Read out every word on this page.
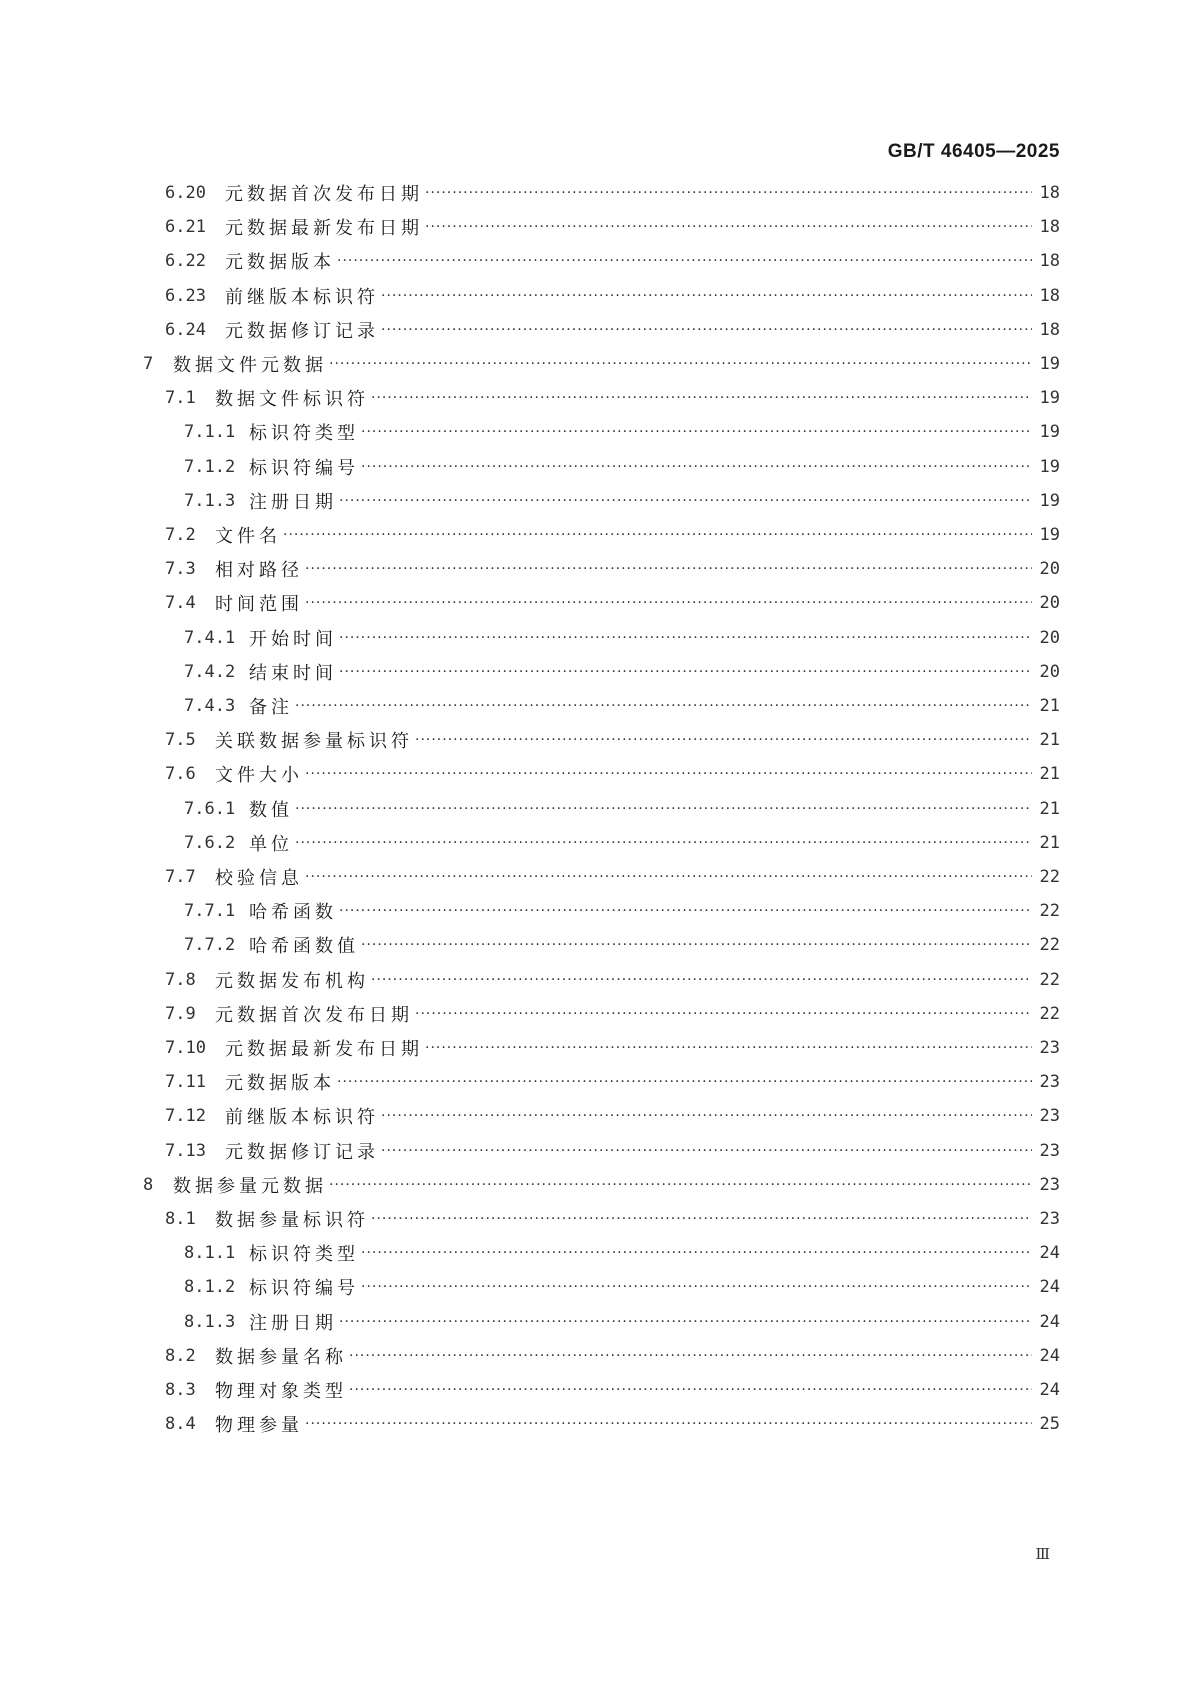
GB/T 46405—2025
6.20	元数据首次发布日期 ·····	18
6.21	元数据最新发布日期 ·····	18
6.22	元数据版本 ·····	18
6.23	前继版本标识符 ·····	18
6.24	元数据修订记录 ·····	18
7	数据文件元数据 ·····	19
7.1	数据文件标识符 ·····	19
7.1.1 标识符类型 ·····	19
7.1.2 标识符编号 ·····	19
7.1.3 注册日期 ·····	19
7.2	文件名 ·····	19
7.3	相对路径 ·····	20
7.4	时间范围 ·····	20
7.4.1 开始时间 ·····	20
7.4.2 结束时间 ·····	20
7.4.3 备注 ·····	21
7.5	关联数据参量标识符 ·····	21
7.6	文件大小 ·····	21
7.6.1 数值 ·····	21
7.6.2 单位 ·····	21
7.7	校验信息 ·····	22
7.7.1 哈希函数 ·····	22
7.7.2 哈希函数值 ·····	22
7.8	元数据发布机构 ·····	22
7.9	元数据首次发布日期 ·····	22
7.10	元数据最新发布日期 ·····	23
7.11	元数据版本 ·····	23
7.12	前继版本标识符 ·····	23
7.13	元数据修订记录 ·····	23
8	数据参量元数据 ·····	23
8.1	数据参量标识符 ·····	23
8.1.1 标识符类型 ·····	24
8.1.2 标识符编号 ·····	24
8.1.3 注册日期 ·····	24
8.2	数据参量名称 ·····	24
8.3	物理对象类型 ·····	24
8.4	物理参量 ·····	25
Ⅲ
